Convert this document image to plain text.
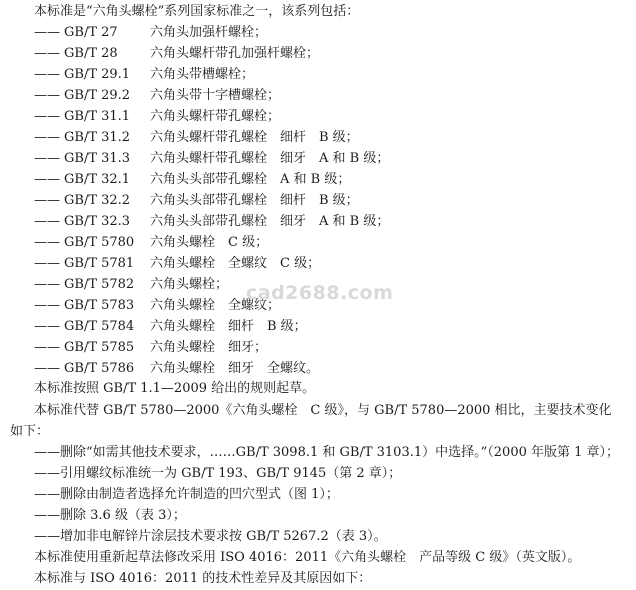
本标准是“六角头螺栓”系列国家标准之一，该系列包括：
—— GB/T 27 六角头加强杆螺栓；
—— GB/T 28 六角头螺杆带孔加强杆螺栓；
—— GB/T 29.1 六角头带槽螺栓；
—— GB/T 29.2 六角头带十字槽螺栓；
—— GB/T 31.1 六角头螺杆带孔螺栓；
—— GB/T 31.2 六角头螺杆带孔螺栓　细杆　B 级；
—— GB/T 31.3 六角头螺杆带孔螺栓　细牙　A 和 B 级；
—— GB/T 32.1 六角头头部带孔螺栓　A 和 B 级；
—— GB/T 32.2 六角头头部带孔螺栓　细杆　B 级；
—— GB/T 32.3 六角头头部带孔螺栓　细牙　A 和 B 级；
—— GB/T 5780 六角头螺栓　C 级；
—— GB/T 5781 六角头螺栓　全螺纹　C 级；
—— GB/T 5782 六角头螺栓；
—— GB/T 5783 六角头螺栓　全螺纹；
—— GB/T 5784 六角头螺栓　细杆　B 级；
—— GB/T 5785 六角头螺栓　细牙；
—— GB/T 5786 六角头螺栓　细牙　全螺纹。
cad2688.com
本标准按照 GB/T 1.1—2009 给出的规则起草。
本标准代替 GB/T 5780—2000《六角头螺栓　C 级》，与 GB/T 5780—2000 相比，主要技术变化
如下：
——删除“如需其他技术要求，……GB/T 3098.1 和 GB/T 3103.1）中选择。”（2000 年版第 1 章）；
——引用螺纹标准统一为 GB/T 193、GB/T 9145（第 2 章）；
——删除由制造者选择允许制造的凹穴型式（图 1）；
——删除 3.6 级（表 3）；
——增加非电解锌片涂层技术要求按 GB/T 5267.2（表 3）。
本标准使用重新起草法修改采用 ISO 4016：2011《六角头螺栓　产品等级 C 级》（英文版）。
本标准与 ISO 4016：2011 的技术性差异及其原因如下：
